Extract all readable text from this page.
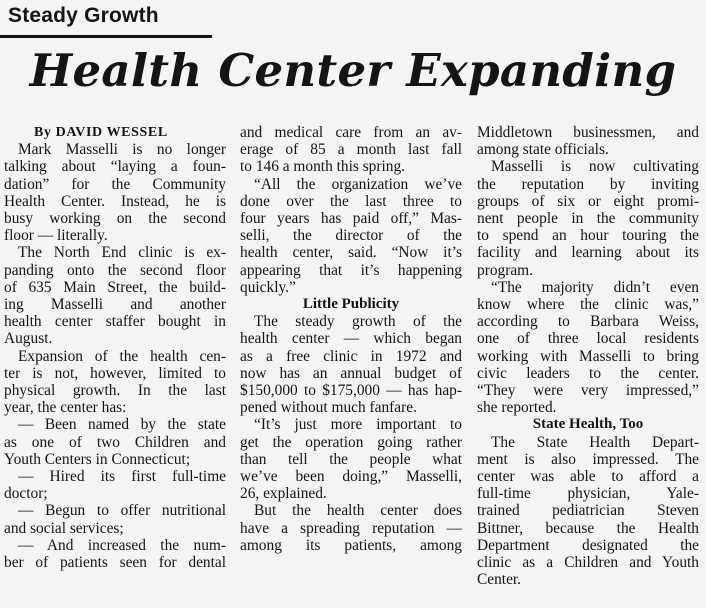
Steady Growth
Health Center Expanding
By DAVID WESSEL
Mark Masselli is no longer
talking about “laying a foun-
dation” for the Community
Health Center. Instead, he is
busy working on the second
floor — literally.
The North End clinic is ex-
panding onto the second floor
of 635 Main Street, the build-
ing Masselli and another
health center staffer bought in
August.
Expansion of the health cen-
ter is not, however, limited to
physical growth. In the last
year, the center has:
— Been named by the state
as one of two Children and
Youth Centers in Connecticut;
— Hired its first full-time
doctor;
— Begun to offer nutritional
and social services;
— And increased the num-
ber of patients seen for dental
and medical care from an av-
erage of 85 a month last fall
to 146 a month this spring.
“All the organization we’ve
done over the last three to
four years has paid off,” Mas-
selli, the director of the
health center, said. “Now it’s
appearing that it’s happening
quickly.”
Little Publicity
The steady growth of the
health center — which began
as a free clinic in 1972 and
now has an annual budget of
$150,000 to $175,000 — has hap-
pened without much fanfare.
“It’s just more important to
get the operation going rather
than tell the people what
we’ve been doing,” Masselli,
26, explained.
But the health center does
have a spreading reputation —
among its patients, among
Middletown businessmen, and
among state officials.
Masselli is now cultivating
the reputation by inviting
groups of six or eight promi-
nent people in the community
to spend an hour touring the
facility and learning about its
program.
“The majority didn’t even
know where the clinic was,”
according to Barbara Weiss,
one of three local residents
working with Masselli to bring
civic leaders to the center.
“They were very impressed,”
she reported.
State Health, Too
The State Health Depart-
ment is also impressed. The
center was able to afford a
full-time physician, Yale-
trained pediatrician Steven
Bittner, because the Health
Department designated the
clinic as a Children and Youth
Center.
